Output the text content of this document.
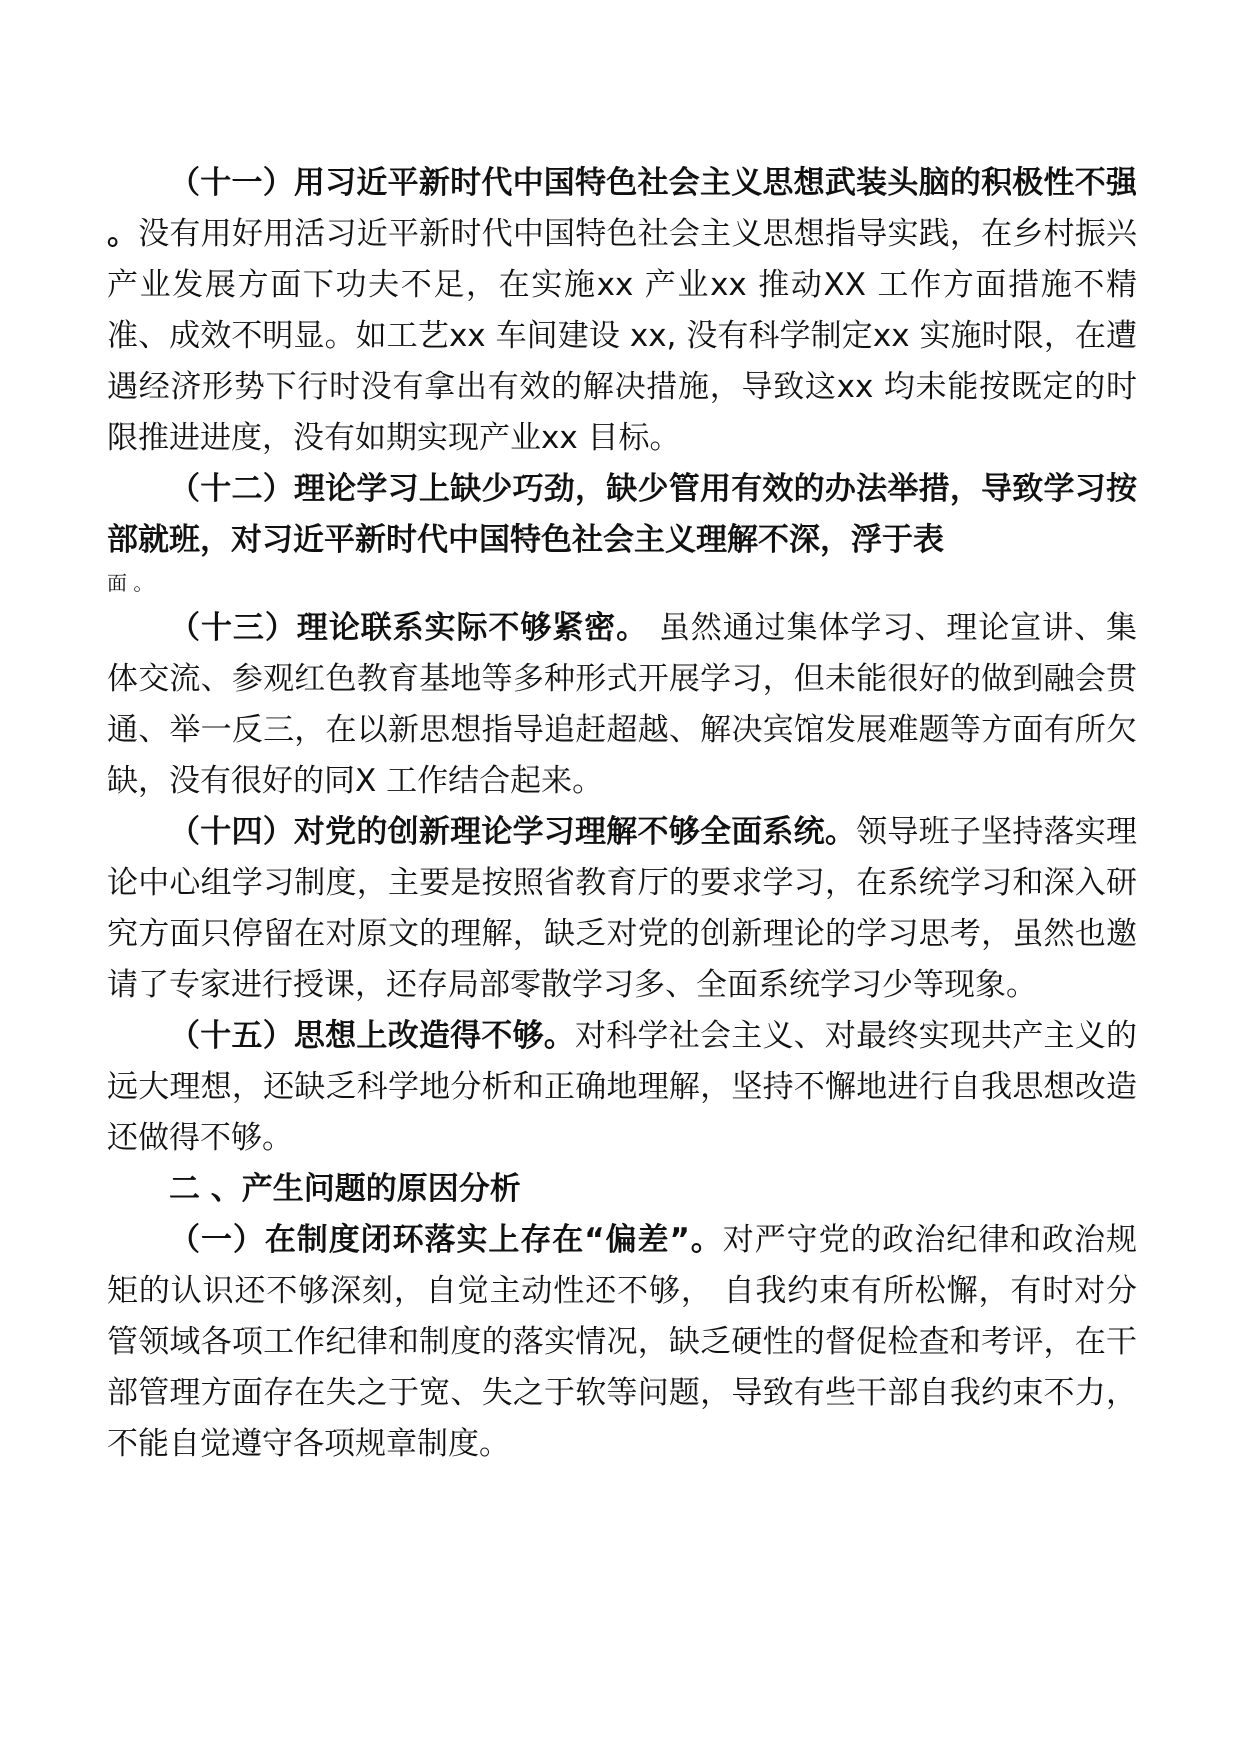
（十一）用习近平新时代中国特色社会主义思想武装头脑的积极性不强 。没有用好用活习近平新时代中国特色社会主义思想指导实践，在乡村振兴产业发展方面下功夫不足，在实施xx 产业xx 推动XX 工作方面措施不精准、成效不明显。如工艺xx 车间建设 xx, 没有科学制定xx 实施时限，在遭遇经济形势下行时没有拿出有效的解决措施，导致这xx 均未能按既定的时限推进进度，没有如期实现产业xx 目标。

（十二）理论学习上缺少巧劲，缺少管用有效的办法举措，导致学习按部就班，对习近平新时代中国特色社会主义理解不深，浮于表

面 。

（十三）理论联系实际不够紧密。 虽然通过集体学习、理论宣讲、集体交流、参观红色教育基地等多种形式开展学习，但未能很好的做到融会贯通、举一反三，在以新思想指导追赶超越、解决宾馆发展难题等方面有所欠缺，没有很好的同X 工作结合起来。

（十四）对党的创新理论学习理解不够全面系统。领导班子坚持落实理论中心组学习制度，主要是按照省教育厅的要求学习，在系统学习和深入研究方面只停留在对原文的理解，缺乏对党的创新理论的学习思考，虽然也邀请了专家进行授课，还存局部零散学习多、全面系统学习少等现象。

（十五）思想上改造得不够。对科学社会主义、对最终实现共产主义的远大理想，还缺乏科学地分析和正确地理解，坚持不懈地进行自我思想改造还做得不够。

二 、产生问题的原因分析

（一）在制度闭环落实上存在“偏差”。对严守党的政治纪律和政治规矩的认识还不够深刻，自觉主动性还不够， 自我约束有所松懈，有时对分管领域各项工作纪律和制度的落实情况，缺乏硬性的督促检查和考评，在干部管理方面存在失之于宽、失之于软等问题，导致有些干部自我约束不力，不能自觉遵守各项规章制度。
